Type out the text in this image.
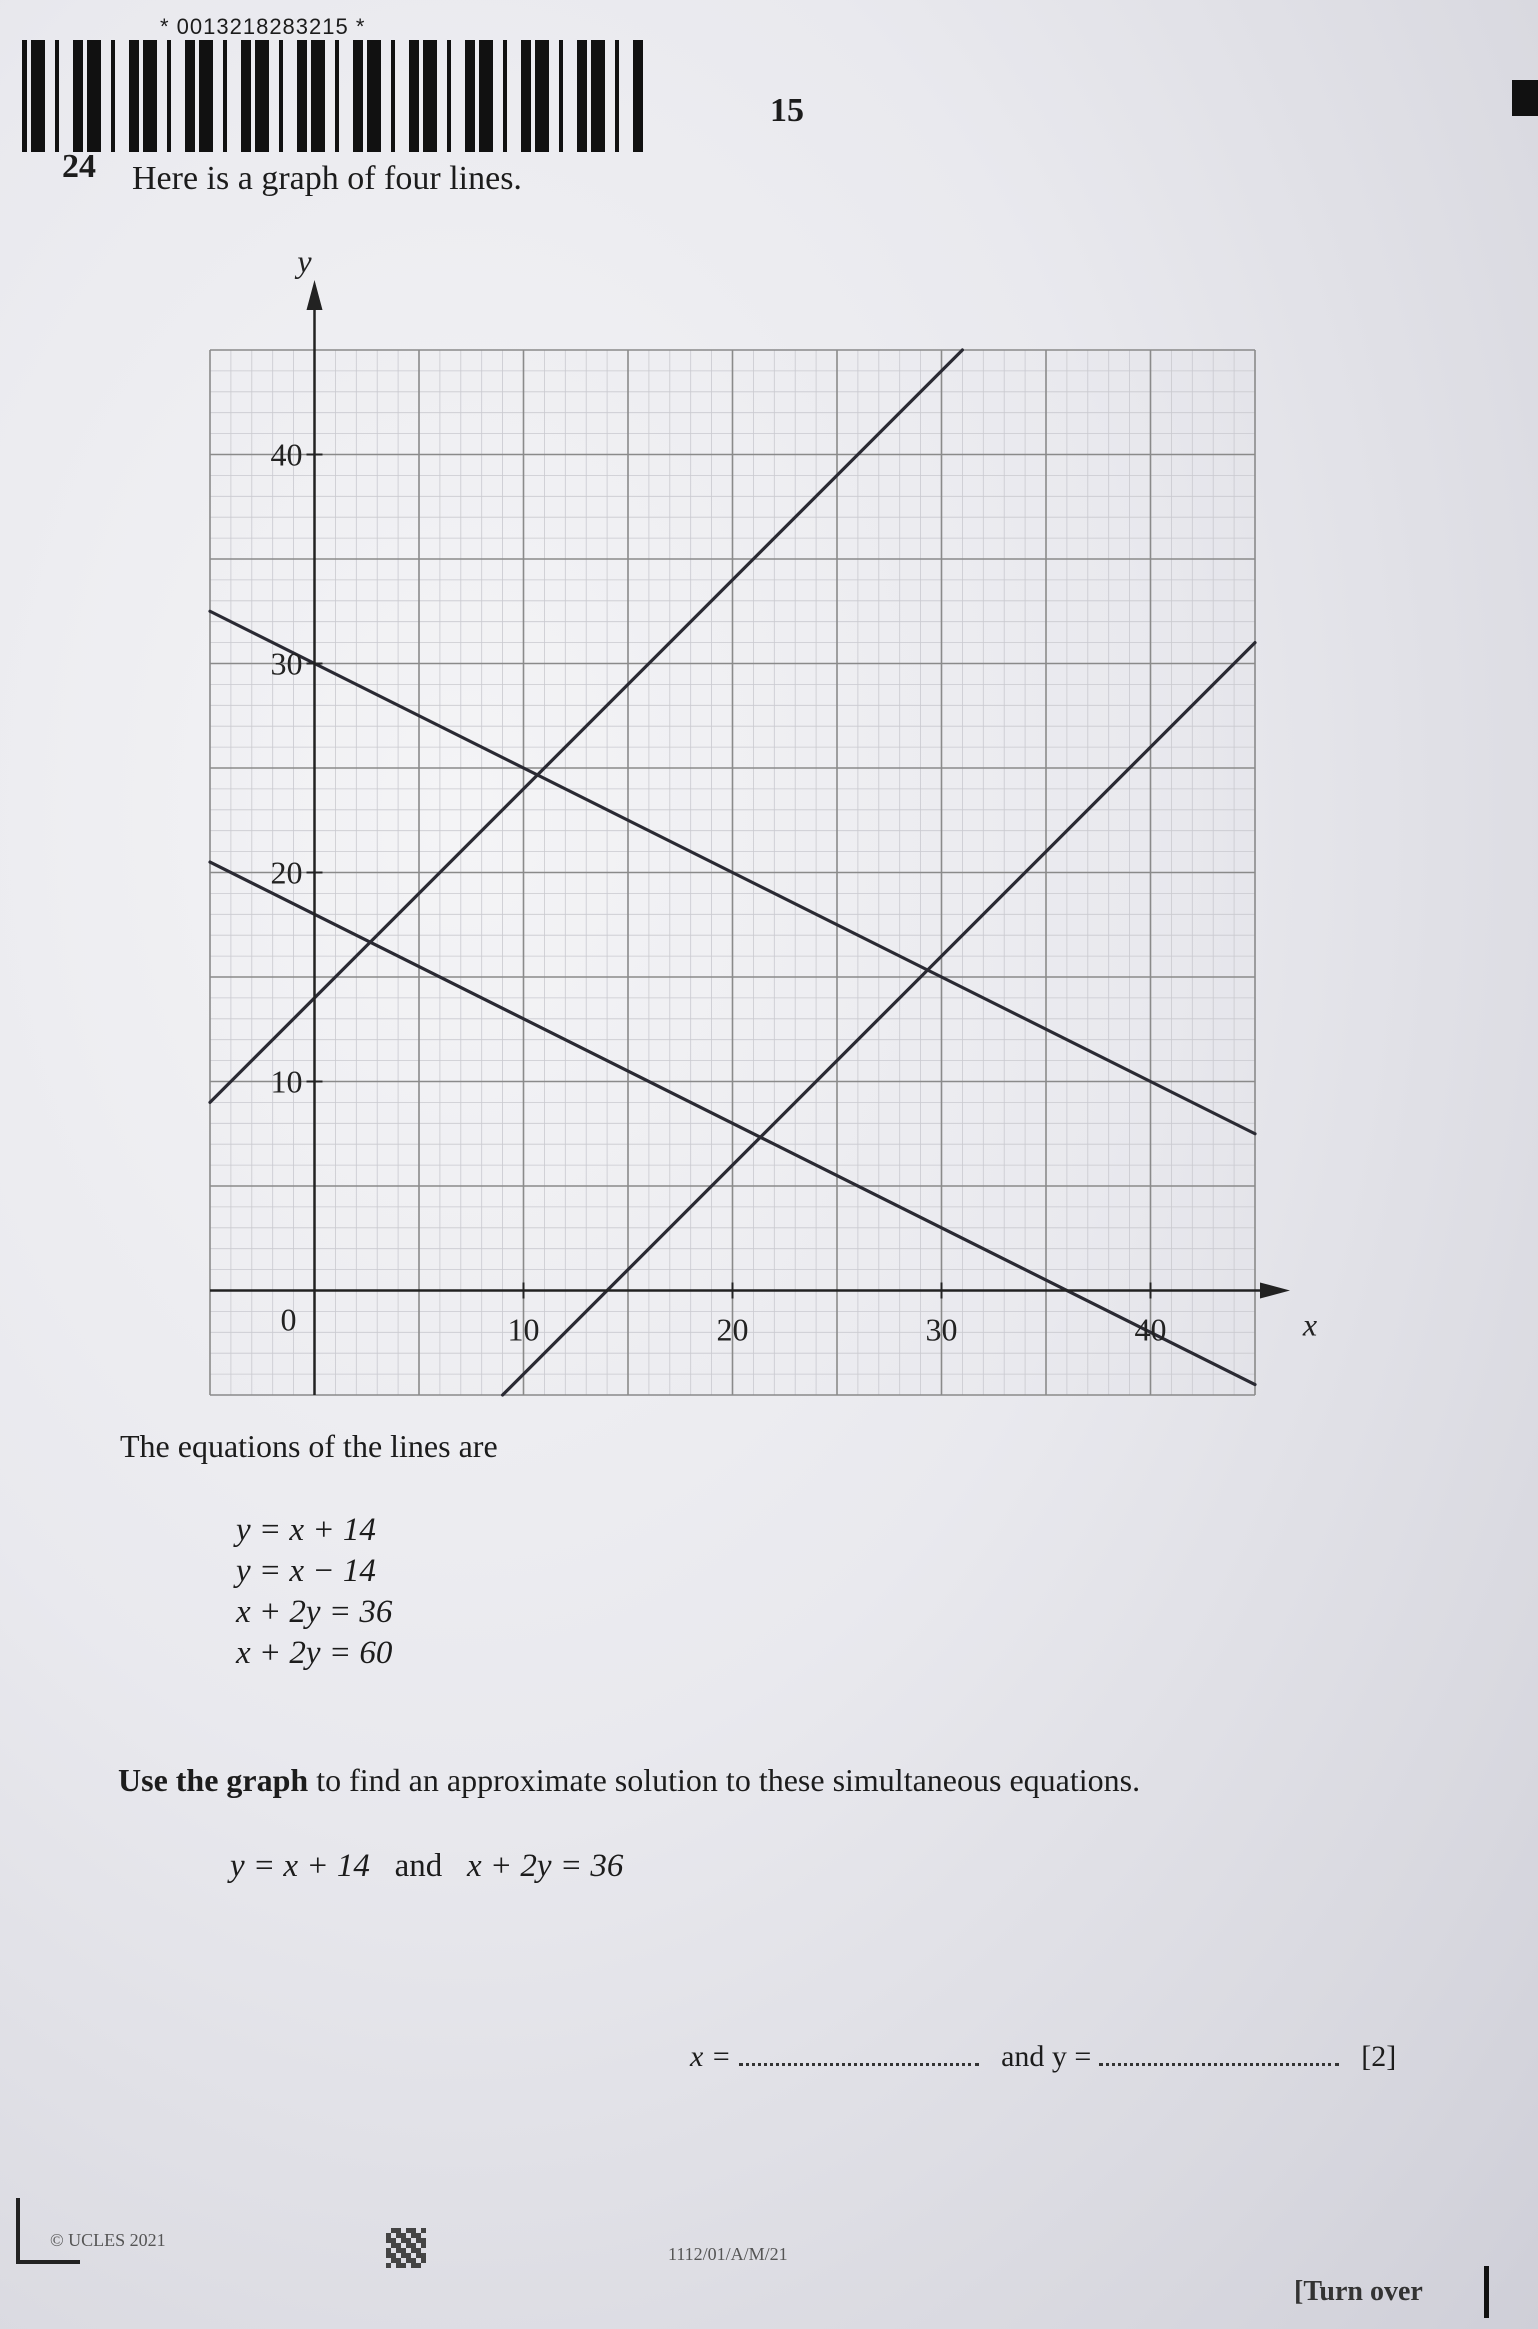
* 0013218283215 *
15
24 Here is a graph of four lines.
10	20	30	40
10
20
30
40
0	x
y
The equations of the lines are
y = x + 14
y = x − 14
x + 2y = 36
x + 2y = 60
Use the graph to find an approximate solution to these simultaneous equations.
y = x + 14 and x + 2y = 36
x =	and y =	[2]
© UCLES 2021
1112/01/A/M/21
[Turn over
